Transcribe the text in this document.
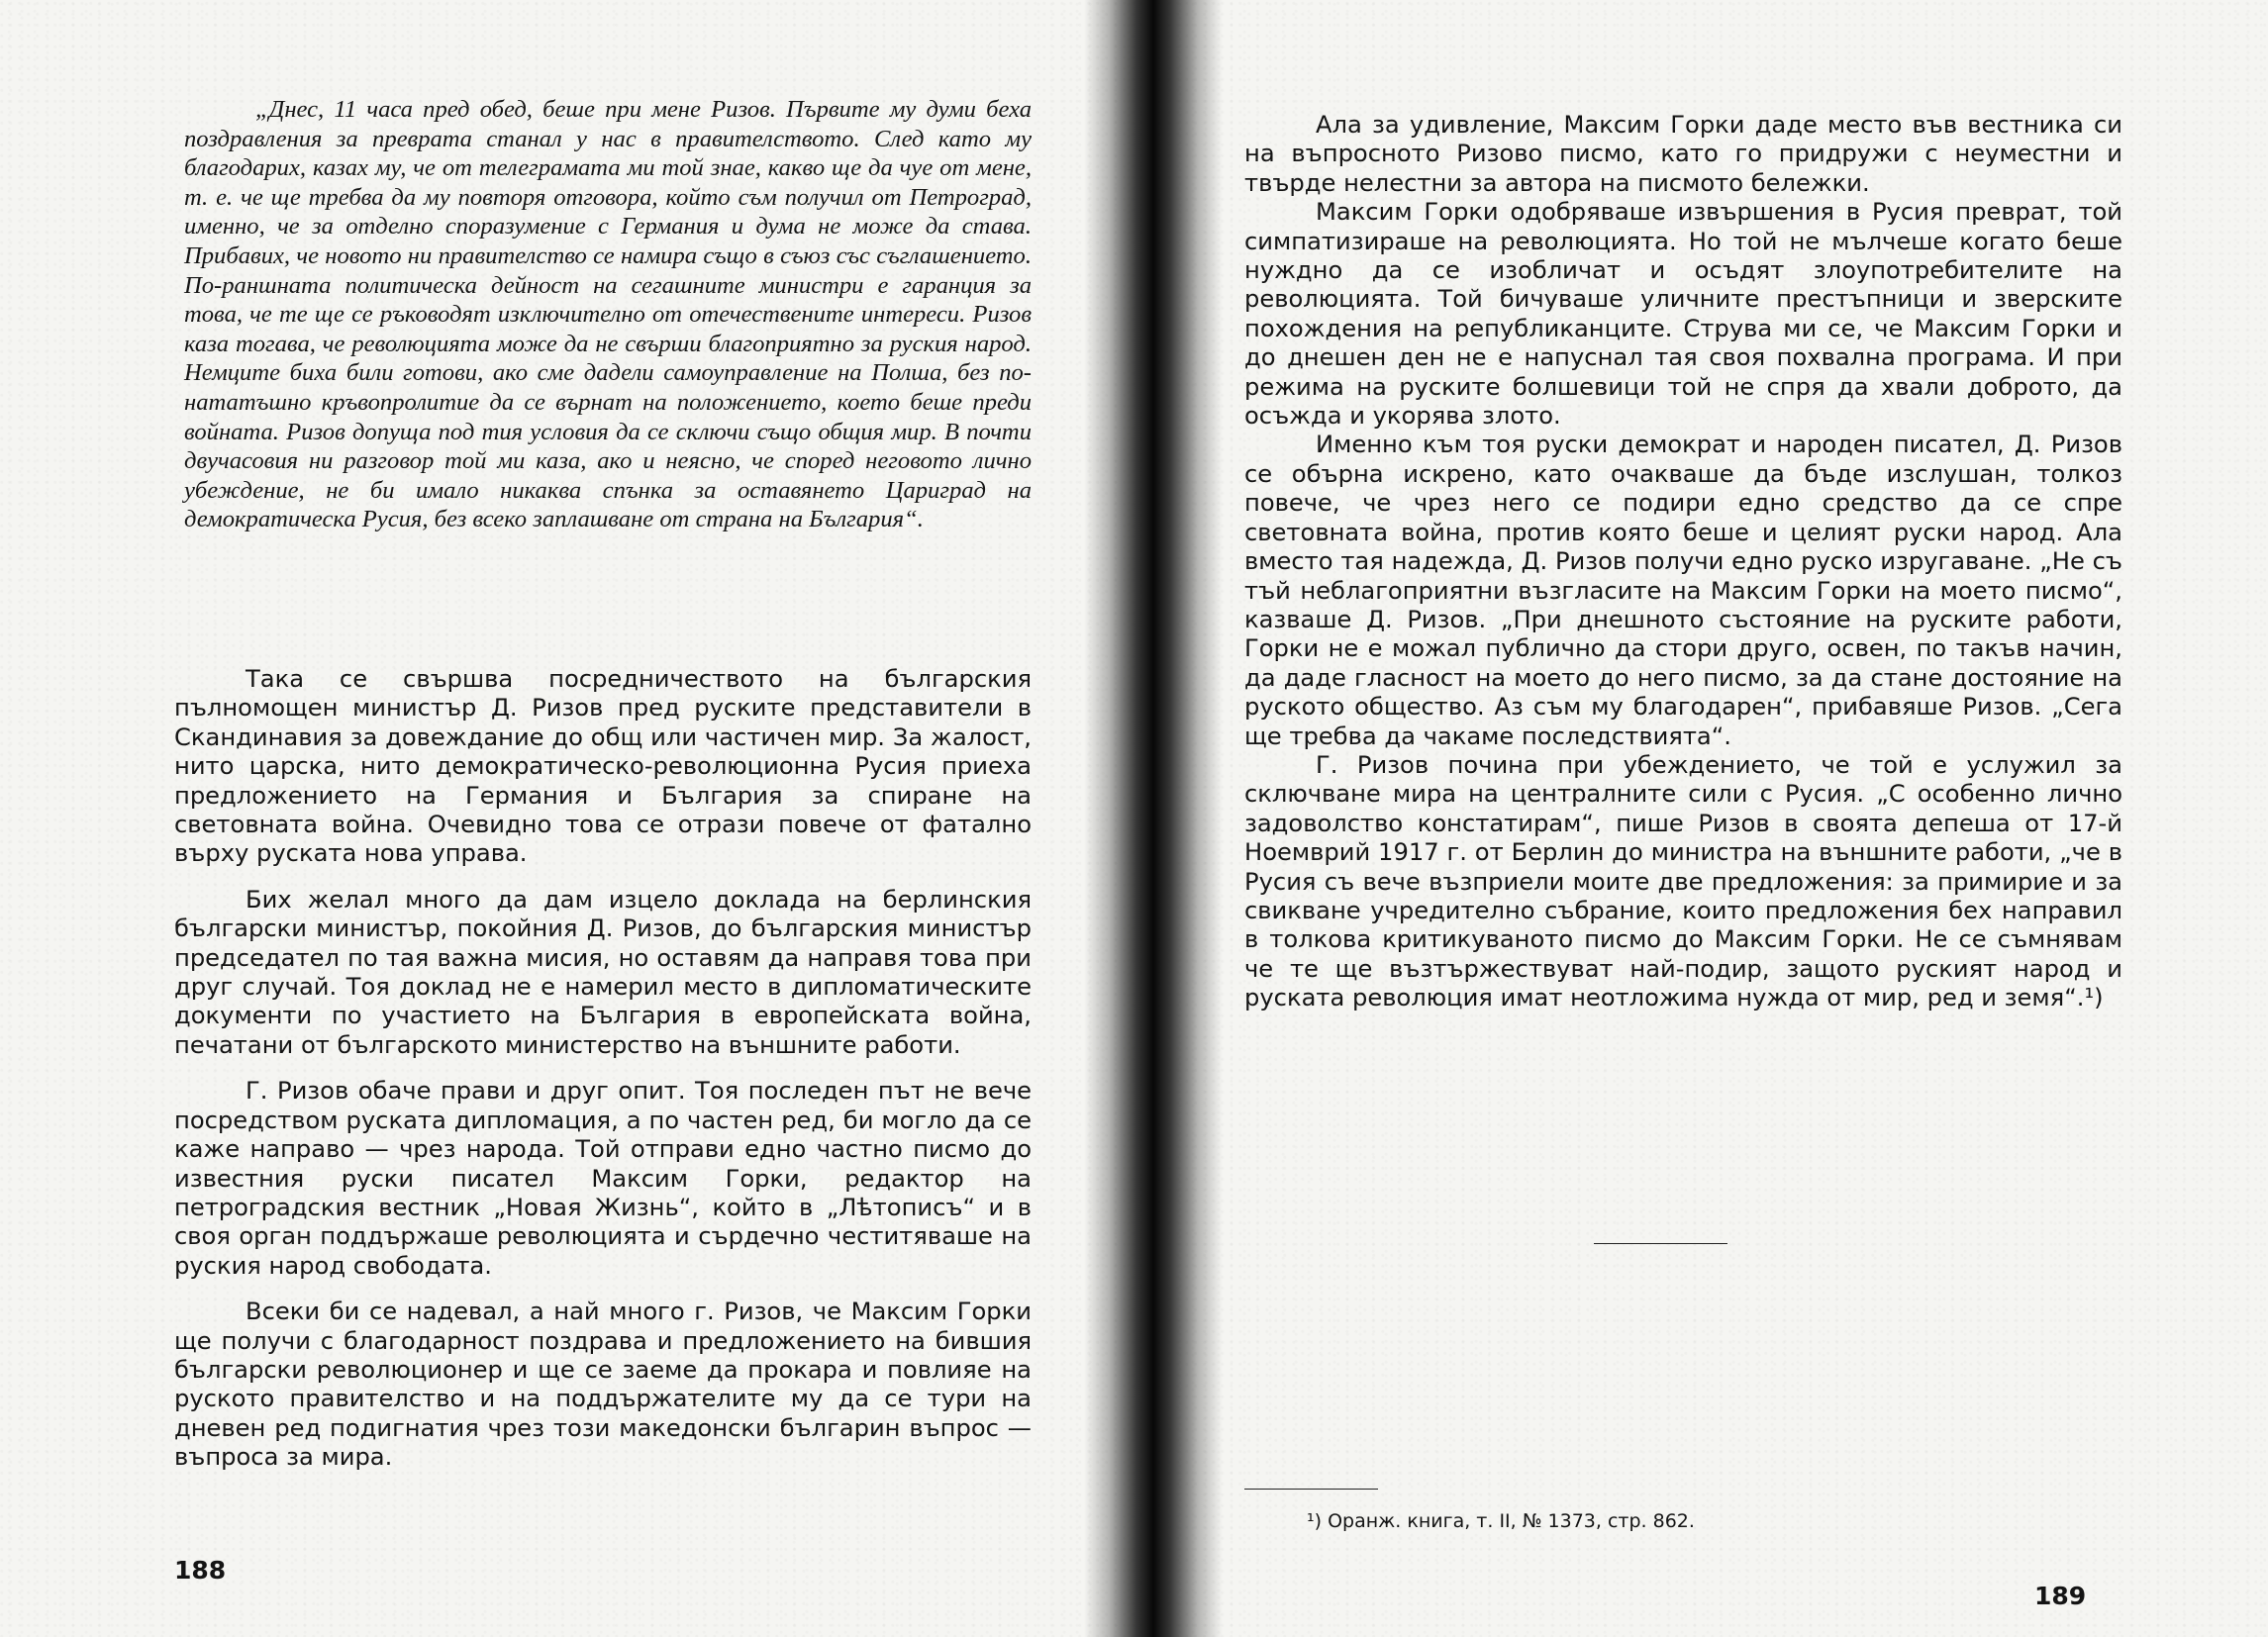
„Днес, 11 часа пред обед, беше при мене Ризов. Първите му думи беха поздравления за превратa станал у нас в правителството. След като му благодарих, казах му, че от телеграмата ми той знае, какво ще да чуе от мене, т. е. че ще требва да му повторя отговора, който съм получил от Петроград, именно, че за отделно споразумение с Германия и дума не може да става. Прибавих, че новото ни правителство се намира също в съюз със съглашението. По-раншната политическа дейност на сегашните министри е гаранция за това, че те ще се ръководят изключително от отечествените интереси. Ризов каза тогава, че революцията може да не свърши благоприятно за руския народ. Немците биха били готови, ако сме дадели самоуправление на Полша, без по-нататъшно кръвопролитие да се върнат на положението, което беше преди войната. Ризов допуща под тия условия да се сключи също общия мир. В почти двучасовия ни разговор той ми каза, ако и неясно, че според неговото лично убеждение, не би имало никаква спънка за оставянето Цариград на демократическа Русия, без всеко заплашване от страна на България“.

Така се свършва посредничеството на българския пълномощен министър Д. Ризов пред руските представители в Скандинавия за довеждание до общ или частичен мир. За жалост, нито царска, нито демократическо-революционна Русия приеха предложението на Германия и България за спиране на световната война. Очевидно това се отрази повече от фатално върху руската нова управа.

Бих желал много да дам изцело доклада на берлинския български министър, покойния Д. Ризов, до българския министър председател по тая важна мисия, но оставям да направя това при друг случай. Тоя доклад не е намерил место в дипломатическите документи по участието на България в европейската война, печатани от българското министерство на външните работи.

Г. Ризов обаче прави и друг опит. Тоя последен път не вече посредством руската дипломация, а по частен ред, би могло да се каже направо — чрез народа. Той отправи едно частно писмо до известния руски писател Максим Горки, редактор на петроградския вестник „Новая Жизнь“, който в „Лѣтописъ“ и в своя орган поддържаше революцията и сърдечно честитяваше на руския народ свободата.

Всеки би се надевал, а най много г. Ризов, че Максим Горки ще получи с благодарност поздрава и предложението на бившия български революционер и ще се заеме да прокара и повлияе на руското правителство и на поддържателите му да се тури на дневен ред подигнатия чрез този македонски българин въпрос — въпроса за мира.

188

Ала за удивление, Максим Горки даде место във вестника си на въпросното Ризово писмо, като го придружи с неуместни и твърде нелестни за автора на писмото бележки.

Максим Горки одобряваше извършения в Русия преврат, той симпатизираше на революцията. Но той не мълчеше когато беше нуждно да се изобличат и осъдят злоупотребителите на революцията. Той бичуваше уличните престъпници и зверските похождения на републиканците. Струва ми се, че Максим Горки и до днешен ден не е напуснал тая своя похвална програма. И при режима на руските болшевици той не спря да хвали доброто, да осъжда и укорява злото.

Именно към тоя руски демократ и народен писател, Д. Ризов се обърна искрено, като очакваше да бъде изслушан, толкоз повече, че чрез него се подири едно средство да се спре световната война, против която беше и целият руски народ. Ала вместо тая надежда, Д. Ризов получи едно руско изругаване. „Не съ тъй неблагоприятни възгласите на Максим Горки на моето писмо“, казваше Д. Ризов. „При днешното състояние на руските работи, Горки не е можал публично да стори друго, освен, по такъв начин, да даде гласност на моето до него писмо, за да стане достояние на руското общество. Аз съм му благодарен“, прибавяше Ризов. „Сега ще требва да чакаме последствията“.

Г. Ризов почина при убеждението, че той е услужил за сключване мира на централните сили с Русия. „С особенно лично задоволство констатирам“, пише Ризов в своята депеша от 17-й Ноемврий 1917 г. от Берлин до министра на външните работи, „че в Русия съ вече възприели моите две предложения: за примирие и за свикване учредително събрание, които предложения бех направил в толкова критикуваното писмо до Максим Горки. Не се съмнявам че те ще възтържествуват най-подир, защото руският народ и руската революция имат неотложима нужда от мир, ред и земя“.¹)

¹) Оранж. книга, т. II, № 1373, стр. 862.
189
